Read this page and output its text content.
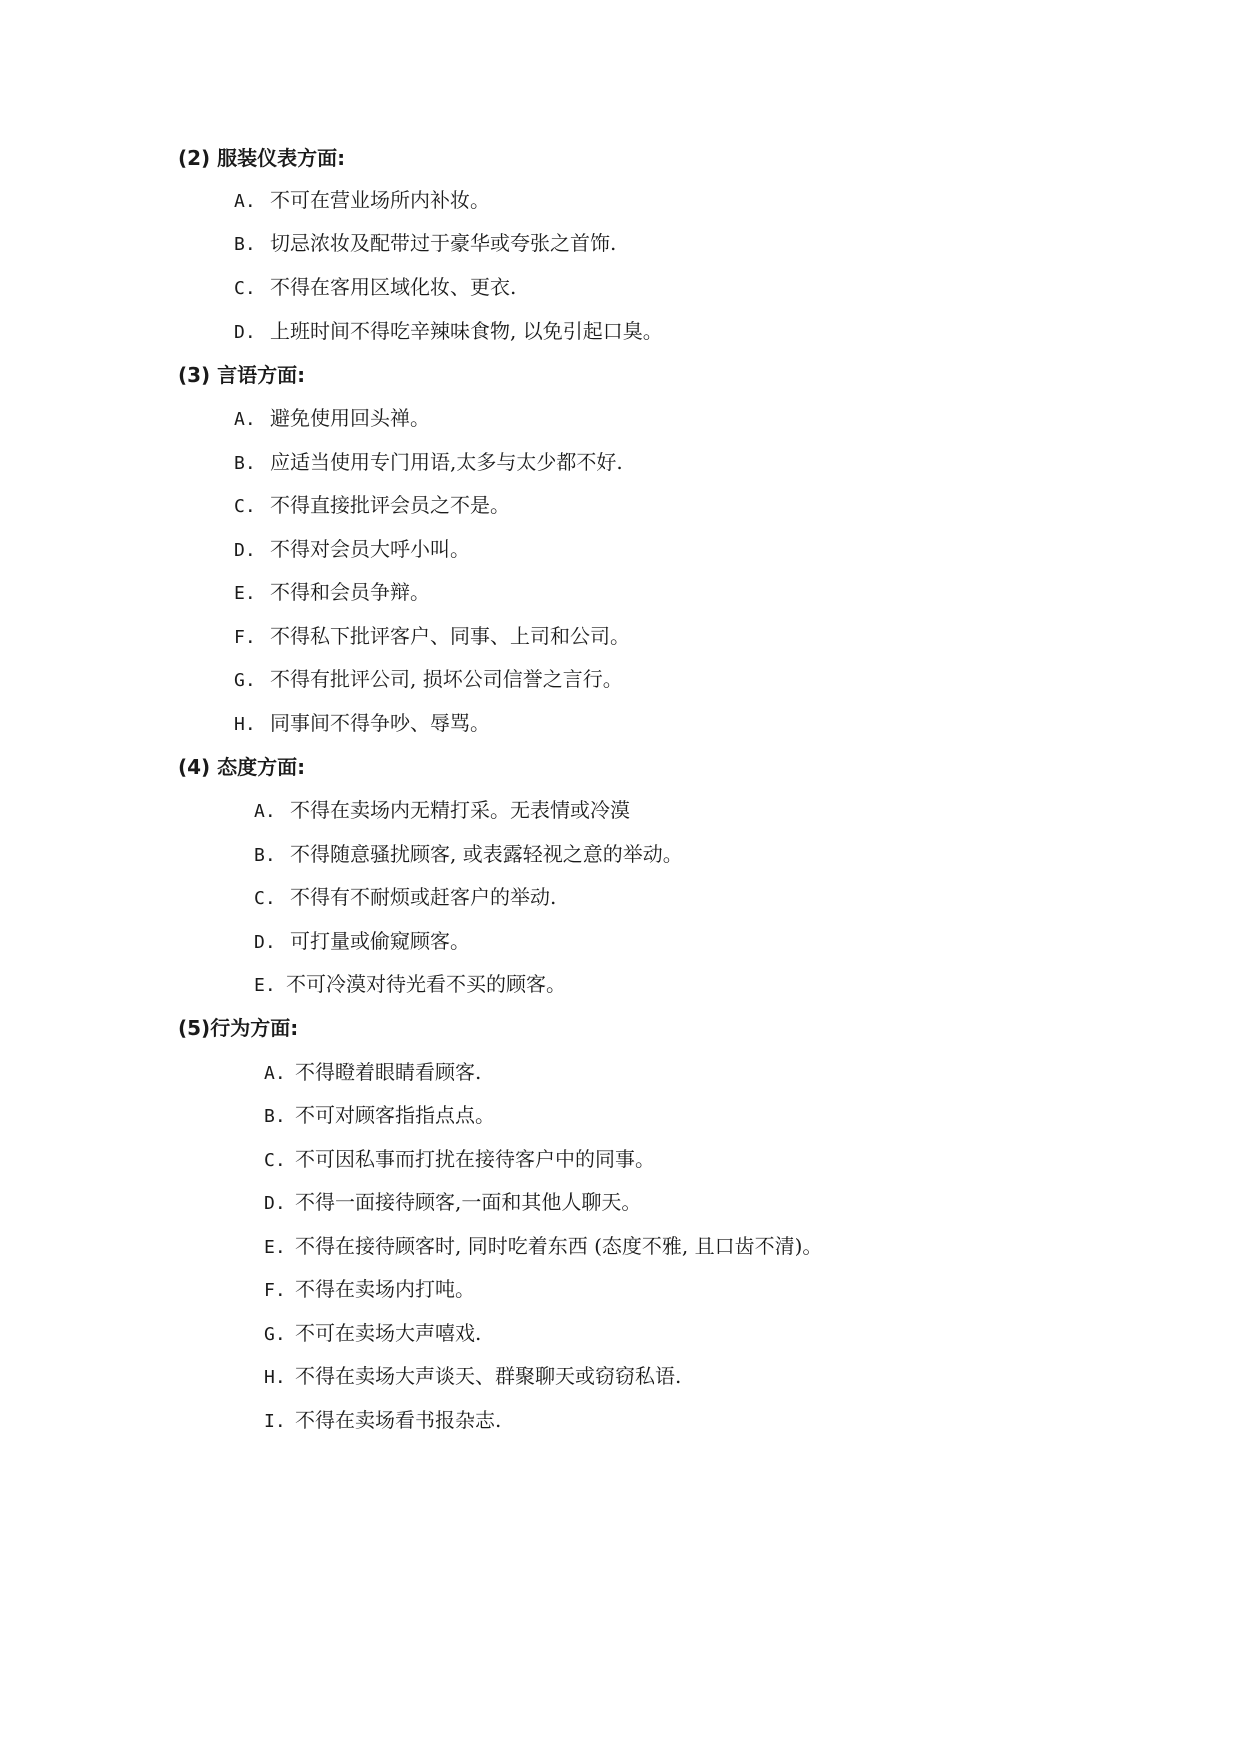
(2) 服装仪表方面:
A. 不可在营业场所内补妆。
B. 切忌浓妆及配带过于豪华或夸张之首饰.
C. 不得在客用区域化妆、更衣.
D. 上班时间不得吃辛辣味食物, 以免引起口臭。
(3) 言语方面:
A. 避免使用回头禅。
B. 应适当使用专门用语,太多与太少都不好.
C. 不得直接批评会员之不是。
D. 不得对会员大呼小叫。
E. 不得和会员争辩。
F. 不得私下批评客户、同事、上司和公司。
G. 不得有批评公司, 损坏公司信誉之言行。
H. 同事间不得争吵、辱骂。
(4) 态度方面:
A. 不得在卖场内无精打采。无表情或冷漠
B. 不得随意骚扰顾客, 或表露轻视之意的举动。
C. 不得有不耐烦或赶客户的举动.
D. 可打量或偷窥顾客。
E. 不可冷漠对待光看不买的顾客。
(5)行为方面:
A. 不得瞪着眼睛看顾客.
B. 不可对顾客指指点点。
C. 不可因私事而打扰在接待客户中的同事。
D. 不得一面接待顾客,一面和其他人聊天。
E. 不得在接待顾客时, 同时吃着东西 (态度不雅, 且口齿不清)。
F. 不得在卖场内打吨。
G. 不可在卖场大声嘻戏.
H. 不得在卖场大声谈天、群聚聊天或窃窃私语.
I. 不得在卖场看书报杂志.
